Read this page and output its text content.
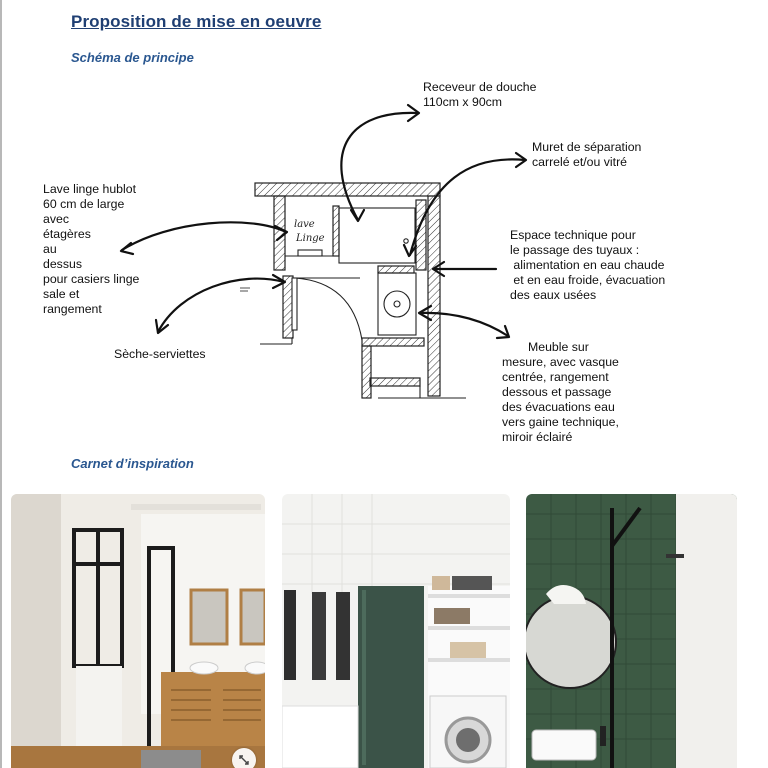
Proposition de mise en oeuvre
Schéma de principe
Carnet d’inspiration
Receveur de douche
110cm x 90cm
Muret de séparation
carrelé et/ou vitré
Lave linge hublot
60 cm de large
avec
étagères
au
dessus
pour casiers linge
sale et
rangement
Espace technique pour
le passage des tuyaux :
alimentation en eau chaude
et en eau froide, évacuation
des eaux usées
Sèche-serviettes	Meuble sur
mesure, avec vasque
centrée, rangement
dessous et passage
des évacuations eau
vers gaine technique,
miroir éclairé
lave
Linge
